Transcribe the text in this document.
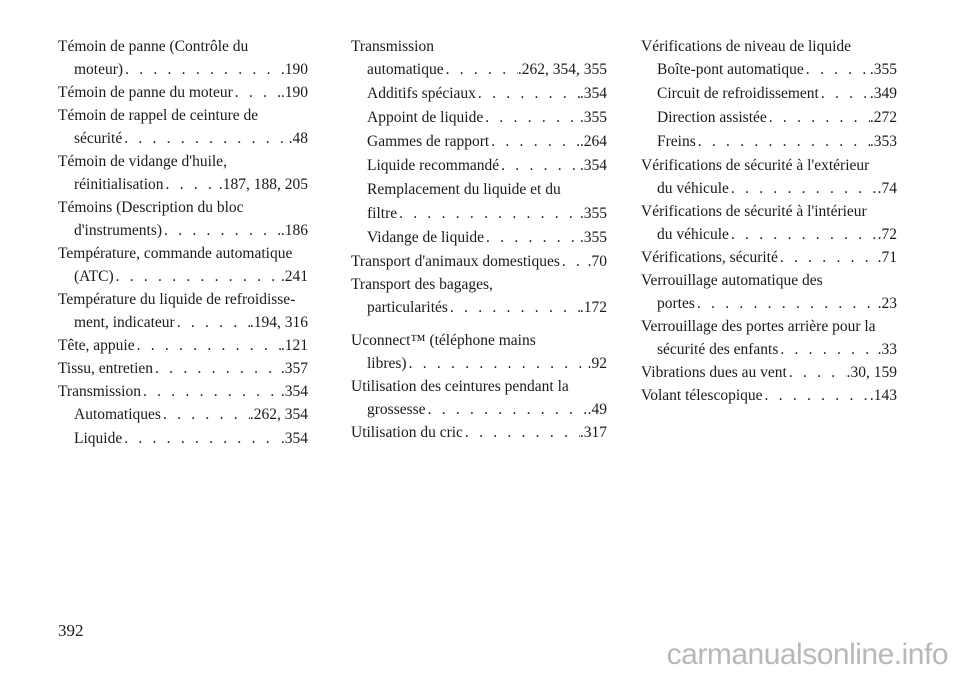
Témoin de panne (Contrôle du
moteur) . . .	.190
Témoin de panne du moteur . . .	.190
Témoin de rappel de ceinture de
sécurité . . .	.48
Témoin de vidange d'huile,
réinitialisation . . .	.187, 188, 205
Témoins (Description du bloc
d'instruments) . . .	.186
Température, commande automatique
(ATC) . . .	.241
Température du liquide de refroidisse-
ment, indicateur . . .	.194, 316
Tête, appuie . . .	.121
Tissu, entretien . . .	.357
Transmission . . .	.354
Automatiques . . .	.262, 354
Liquide . . .	.354
Transmission
automatique . . .	.262, 354, 355
Additifs spéciaux . . .	.354
Appoint de liquide . . .	.355
Gammes de rapport . . .	.264
Liquide recommandé . . .	.354
Remplacement du liquide et du
filtre . . .	.355
Vidange de liquide . . .	.355
Transport d'animaux domestiques . . . .70
Transport des bagages,
particularités . . .	.172
Uconnect™ (téléphone mains
libres) . . .	.92
Utilisation des ceintures pendant la
grossesse . . .	.49
Utilisation du cric . . .	.317
Vérifications de niveau de liquide
Boîte-pont automatique . . .	.355
Circuit de refroidissement . . .	.349
Direction assistée . . .	.272
Freins . . .	.353
Vérifications de sécurité à l'extérieur
du véhicule . . .	.74
Vérifications de sécurité à l'intérieur
du véhicule . . .	.72
Vérifications, sécurité . . .	.71
Verrouillage automatique des
portes . . .	.23
Verrouillage des portes arrière pour la
sécurité des enfants . . .	.33
Vibrations dues au vent . . .	.30, 159
Volant télescopique . . .	.143
392
carmanualsonline.info
